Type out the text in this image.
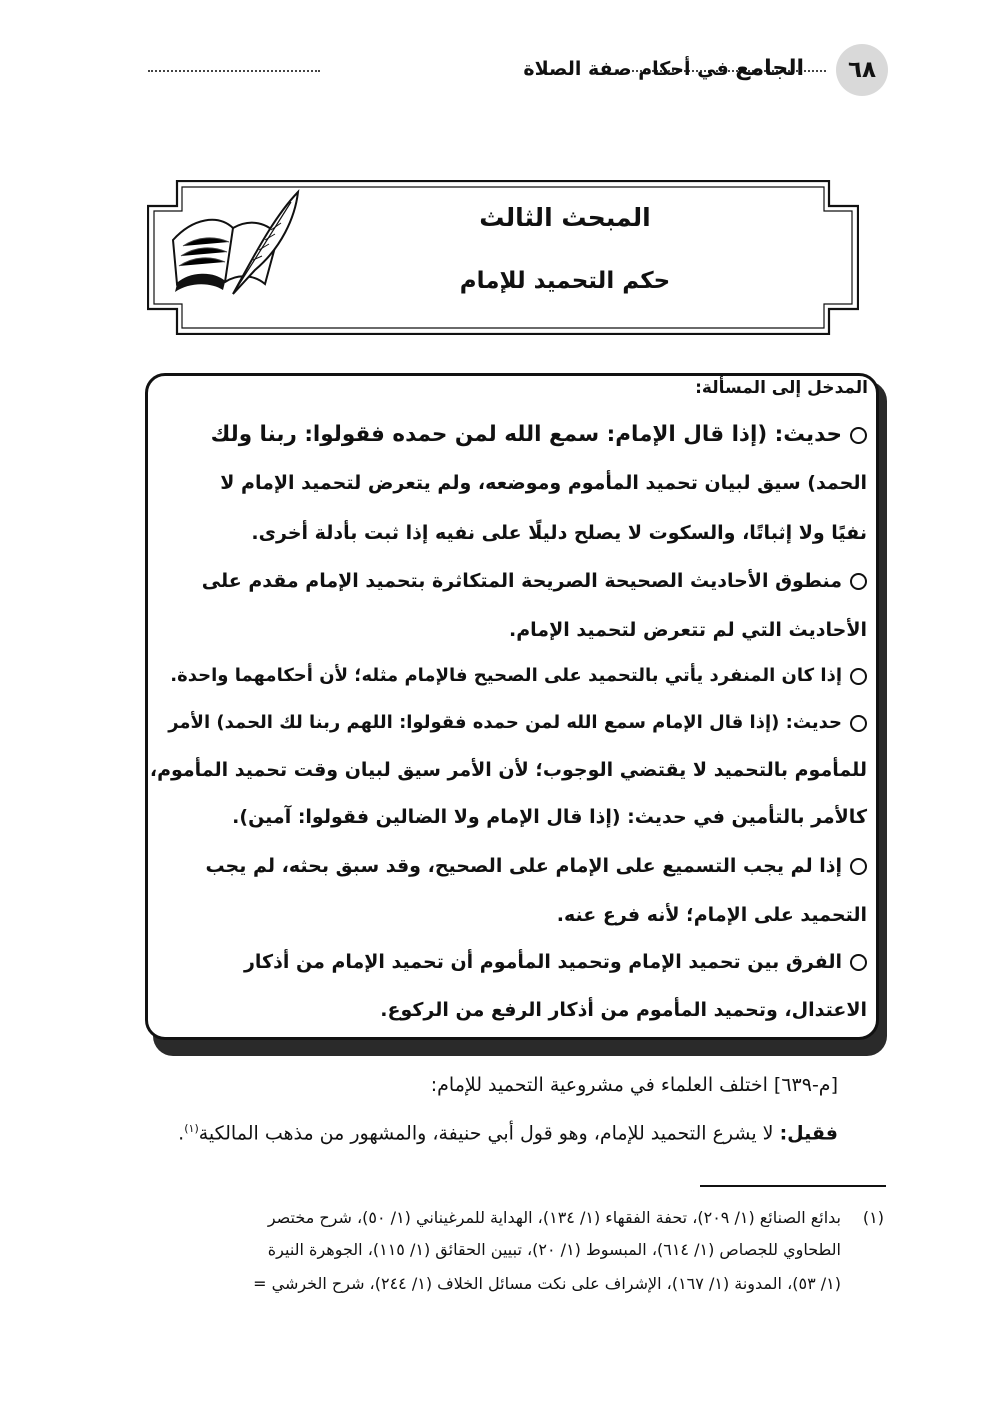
٦٨
الجامع في أحكام صفة الصلاة
المبحث الثالث
حكم التحميد للإمام
المدخل إلى المسألة:
حديث: (إذا قال الإمام: سمع الله لمن حمده فقولوا: ربنا ولك
الحمد) سيق لبيان تحميد المأموم وموضعه، ولم يتعرض لتحميد الإمام لا
نفيًا ولا إثباتًا، والسكوت لا يصلح دليلًا على نفيه إذا ثبت بأدلة أخرى.
منطوق الأحاديث الصحيحة الصريحة المتكاثرة بتحميد الإمام مقدم على
الأحاديث التي لم تتعرض لتحميد الإمام.
إذا كان المنفرد يأتي بالتحميد على الصحيح فالإمام مثله؛ لأن أحكامهما واحدة.
حديث: (إذا قال الإمام سمع الله لمن حمده فقولوا: اللهم ربنا لك الحمد) الأمر
للمأموم بالتحميد لا يقتضي الوجوب؛ لأن الأمر سيق لبيان وقت تحميد المأموم،
كالأمر بالتأمين في حديث: (إذا قال الإمام ولا الضالين فقولوا: آمين).
إذا لم يجب التسميع على الإمام على الصحيح، وقد سبق بحثه، لم يجب
التحميد على الإمام؛ لأنه فرع عنه.
الفرق بين تحميد الإمام وتحميد المأموم أن تحميد الإمام من أذكار
الاعتدال، وتحميد المأموم من أذكار الرفع من الركوع.
[م-٦٣٩] اختلف العلماء في مشروعية التحميد للإمام:
فقيل: لا يشرع التحميد للإمام، وهو قول أبي حنيفة، والمشهور من مذهب المالكية$^{(١)}$.
(١)
بدائع الصنائع (١/ ٢٠٩)، تحفة الفقهاء (١/ ١٣٤)، الهداية للمرغيناني (١/ ٥٠)، شرح مختصر
الطحاوي للجصاص (١/ ٦١٤)، المبسوط (١/ ٢٠)، تبيين الحقائق (١/ ١١٥)، الجوهرة النيرة
(١/ ٥٣)، المدونة (١/ ١٦٧)، الإشراف على نكت مسائل الخلاف (١/ ٢٤٤)، شرح الخرشي =
